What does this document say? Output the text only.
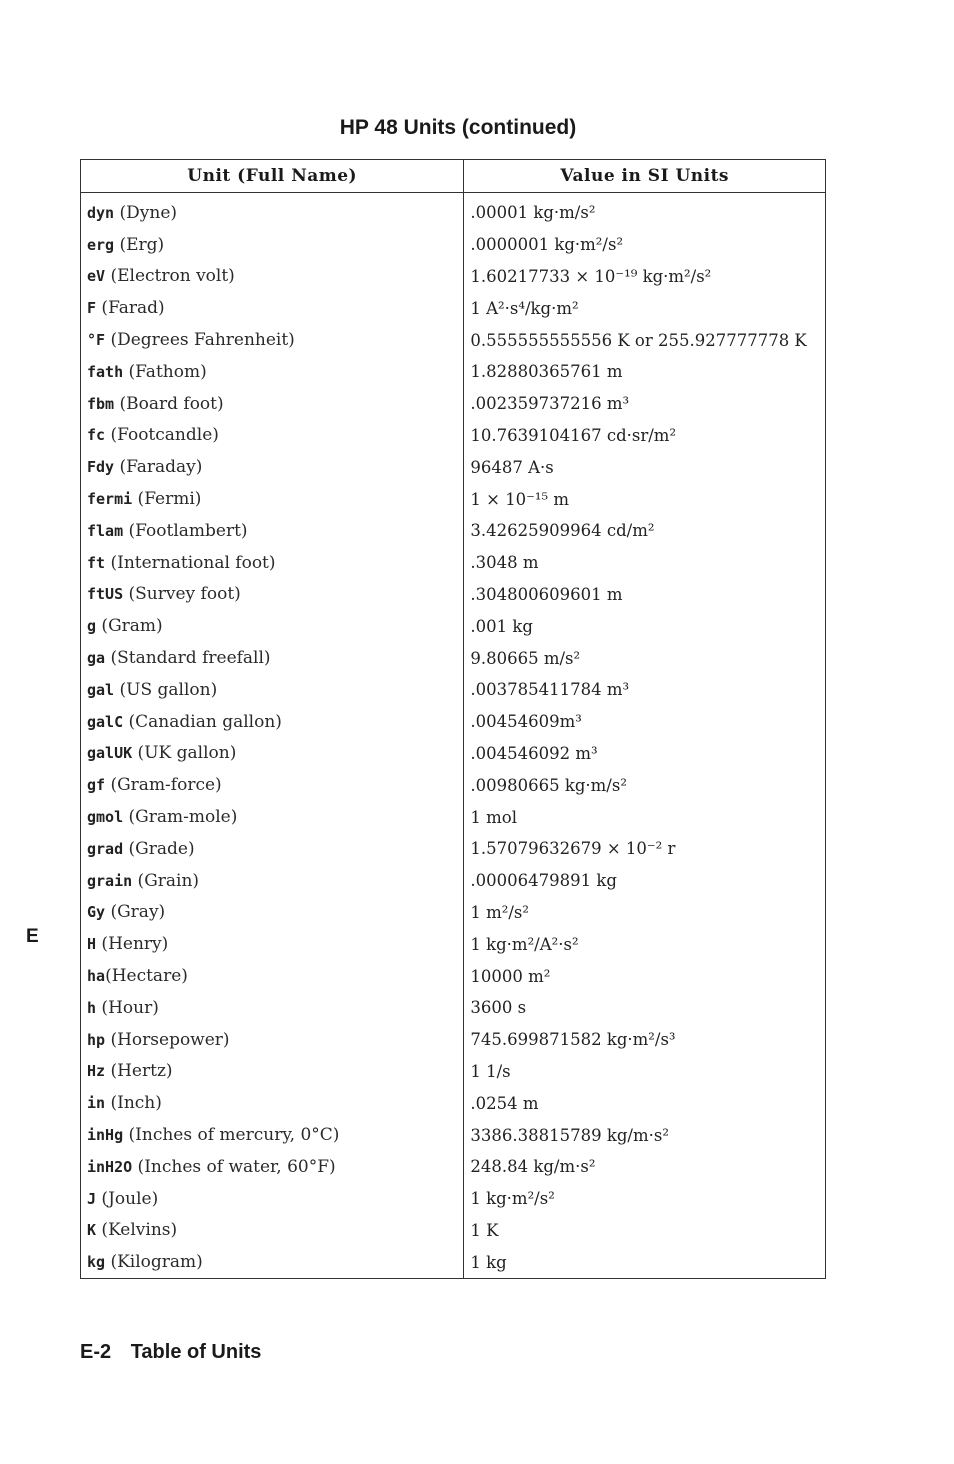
HP 48 Units (continued)
Unit (Full Name)	Value in SI Units
dyn (Dyne)	.00001 kg·m/s²
erg (Erg)	.0000001 kg·m²/s²
eV (Electron volt)	1.60217733 × 10⁻¹⁹ kg·m²/s²
F (Farad)	1 A²·s⁴/kg·m²
°F (Degrees Fahrenheit)	0.555555555556 K or 255.927777778 K
fath (Fathom)	1.82880365761 m
fbm (Board foot)	.002359737216 m³
fc (Footcandle)	10.7639104167 cd·sr/m²
Fdy (Faraday)	96487 A·s
fermi (Fermi)	1 × 10⁻¹⁵ m
flam (Footlambert)	3.42625909964 cd/m²
ft (International foot)	.3048 m
ftUS (Survey foot)	.304800609601 m
g (Gram)	.001 kg
ga (Standard freefall)	9.80665 m/s²
gal (US gallon)	.003785411784 m³
galC (Canadian gallon)	.00454609m³
galUK (UK gallon)	.004546092 m³
gf (Gram-force)	.00980665 kg·m/s²
gmol (Gram-mole)	1 mol
grad (Grade)	1.57079632679 × 10⁻² r
grain (Grain)	.00006479891 kg
Gy (Gray)	1 m²/s²
H (Henry)	1 kg·m²/A²·s²
ha(Hectare)	10000 m²
h (Hour)	3600 s
hp (Horsepower)	745.699871582 kg·m²/s³
Hz (Hertz)	1 1/s
in (Inch)	.0254 m
inHg (Inches of mercury, 0°C)	3386.38815789 kg/m·s²
inH2O (Inches of water, 60°F)	248.84 kg/m·s²
J (Joule)	1 kg·m²/s²
K (Kelvins)	1 K
kg (Kilogram)	1 kg
E
E-2 Table of Units
